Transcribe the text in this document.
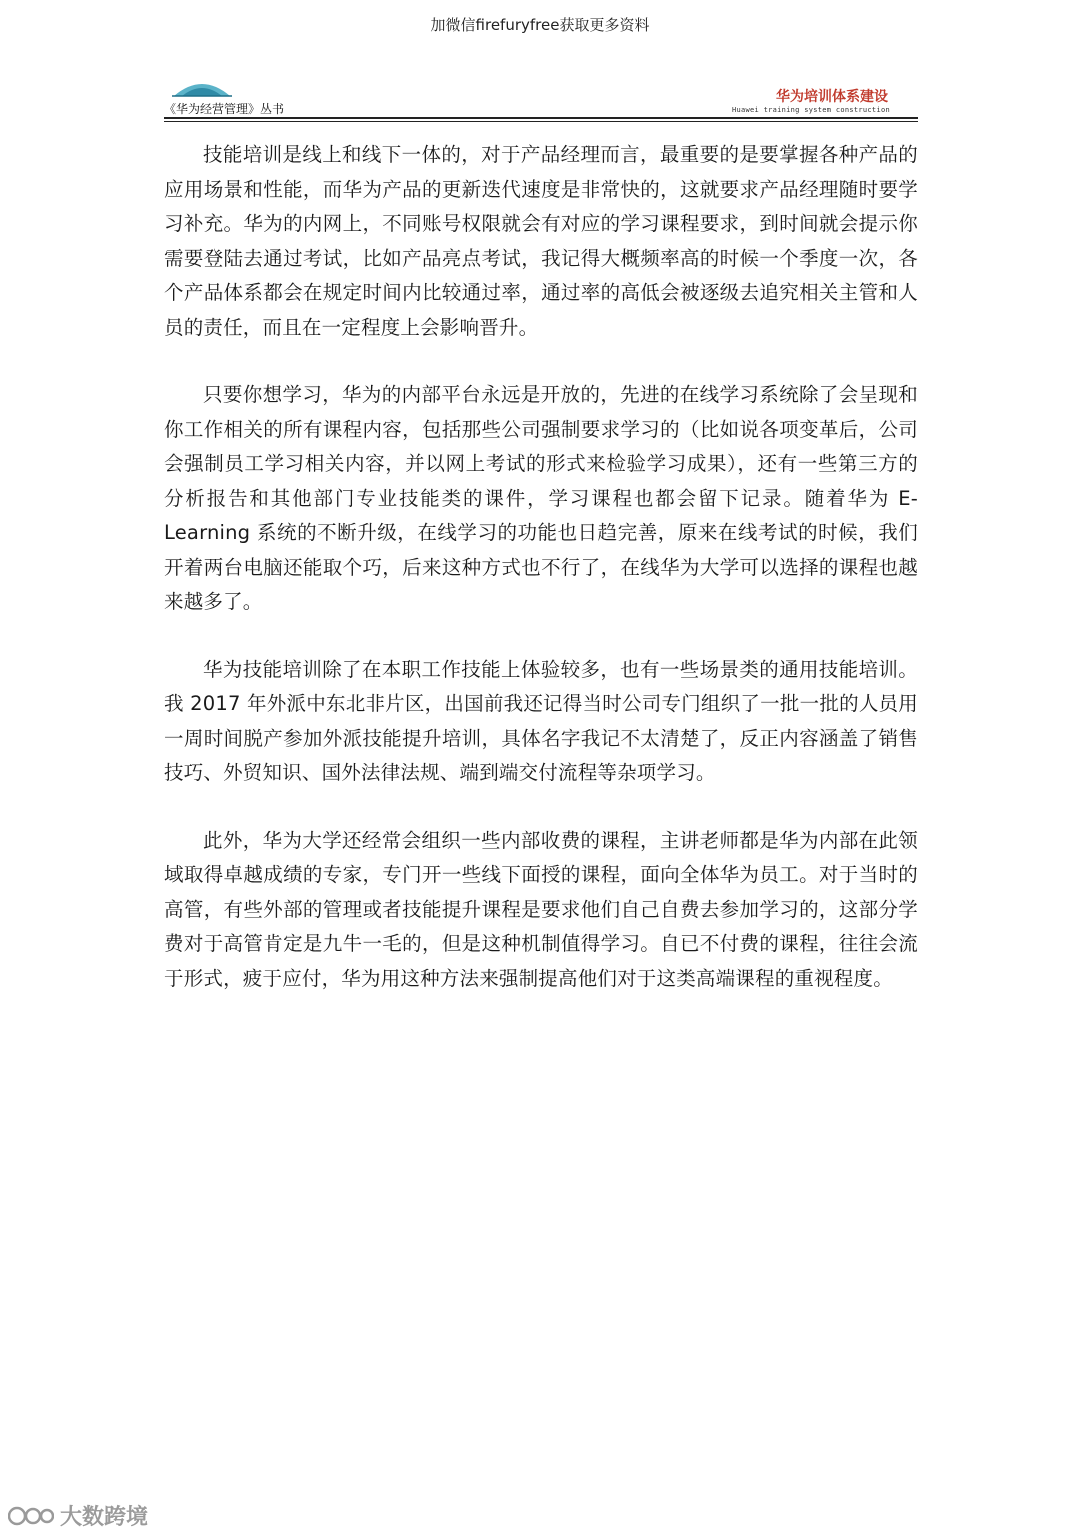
加微信firefuryfree获取更多资料
《华为经营管理》丛书
华为培训体系建设
Huawei training system construction

技能培训是线上和线下一体的，对于产品经理而言，最重要的是要掌握各种产品的应用场景和性能，而华为产品的更新迭代速度是非常快的，这就要求产品经理随时要学习补充。华为的内网上，不同账号权限就会有对应的学习课程要求，到时间就会提示你需要登陆去通过考试，比如产品亮点考试，我记得大概频率高的时候一个季度一次，各个产品体系都会在规定时间内比较通过率，通过率的高低会被逐级去追究相关主管和人员的责任，而且在一定程度上会影响晋升。

只要你想学习，华为的内部平台永远是开放的，先进的在线学习系统除了会呈现和你工作相关的所有课程内容，包括那些公司强制要求学习的（比如说各项变革后，公司会强制员工学习相关内容，并以网上考试的形式来检验学习成果），还有一些第三方的分析报告和其他部门专业技能类的课件，学习课程也都会留下记录。随着华为 E-Learning 系统的不断升级，在线学习的功能也日趋完善，原来在线考试的时候，我们开着两台电脑还能取个巧，后来这种方式也不行了，在线华为大学可以选择的课程也越来越多了。

华为技能培训除了在本职工作技能上体验较多，也有一些场景类的通用技能培训。我 2017 年外派中东北非片区，出国前我还记得当时公司专门组织了一批一批的人员用一周时间脱产参加外派技能提升培训，具体名字我记不太清楚了，反正内容涵盖了销售技巧、外贸知识、国外法律法规、端到端交付流程等杂项学习。

此外，华为大学还经常会组织一些内部收费的课程，主讲老师都是华为内部在此领域取得卓越成绩的专家，专门开一些线下面授的课程，面向全体华为员工。对于当时的高管，有些外部的管理或者技能提升课程是要求他们自己自费去参加学习的，这部分学费对于高管肯定是九牛一毛的，但是这种机制值得学习。自已不付费的课程，往往会流于形式，疲于应付，华为用这种方法来强制提高他们对于这类高端课程的重视程度。

大数跨境
